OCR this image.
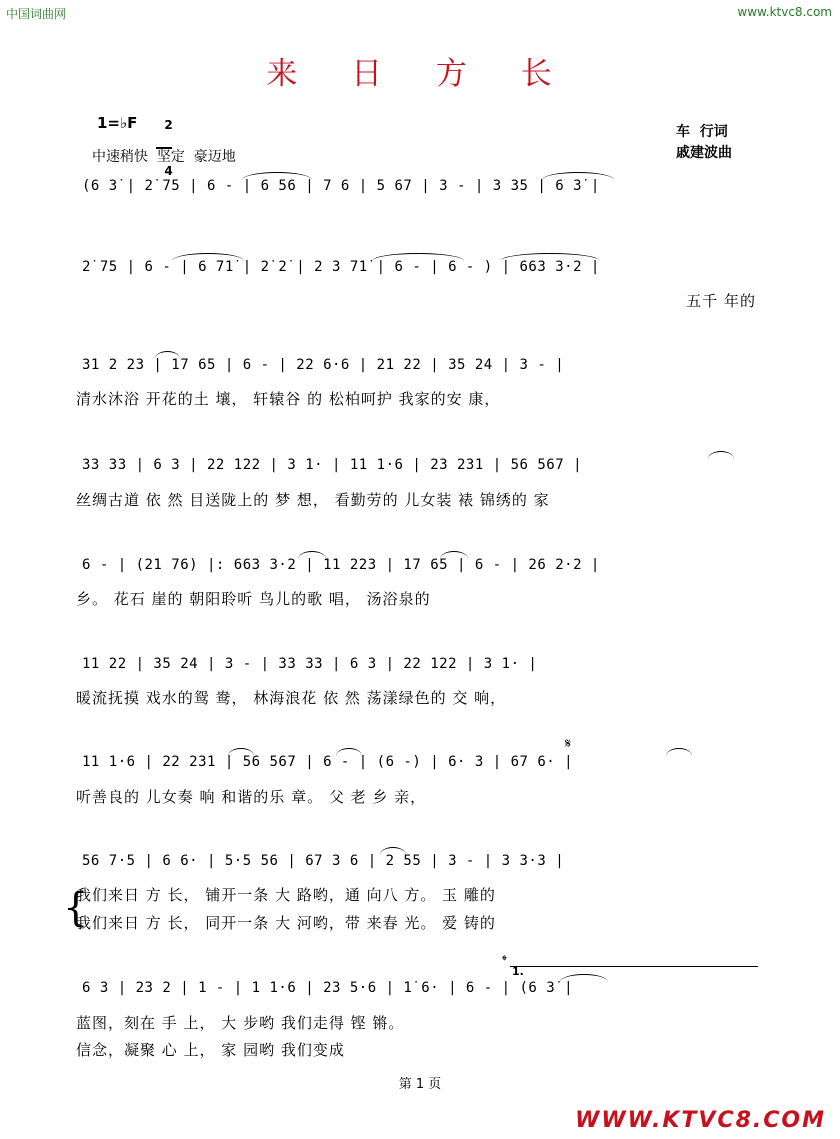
中国词曲网	www.ktvc8.com
来 日 方 长
1=♭F	2

4

中速稍快  坚定  豪迈地
车  行词
戚建波曲
(6 3̇ | 2̇ 75 | 6 - | 6 56 | 7 6 | 5 67 | 3 - | 3 35 | 6 3̇ |
2̇ 75 | 6 - | 6 71̇ | 2̇ 2̇ | 2 3 71̇ | 6 - | 6 - ) | 663 3·2 |
五千 年的
31 2 23 | 17 65 | 6 - | 22 6·6 | 21 22 | 35 24 | 3 - |
清水沐浴 开花的土 壤， 轩辕谷 的 松柏呵护 我家的安 康，
33 33 | 6 3 | 22 122 | 3 1· | 11 1·6 | 23 231 | 56 567 |
丝绸古道 依 然 目送陇上的 梦 想， 看勤劳的 儿女装 裱 锦绣的 家
6 - | (21 76) |: 663 3·2 | 11 223 | 17 65 | 6 - | 26 2·2 |
乡。 花石 崖的 朝阳聆听 鸟儿的歌 唱， 汤浴泉的
11 22 | 35 24 | 3 - | 33 33 | 6 3 | 22 122 | 3 1· |
暖流抚摸 戏水的鸳 鸯， 林海浪花 依 然 荡漾绿色的 交 响，
𝄋
11 1·6 | 22 231 | 56 567 | 6 - | (6 -) | 6· 3 | 67 6· |
听善良的 儿女奏 响 和谐的乐 章。 父 老 乡 亲，
56 7·5 | 6 6· | 5·5 56 | 67 3 6 | 2 55 | 3 - | 3 3·3 |
{
我们来日 方 长， 铺开一条 大 路哟，通 向八 方。 玉 雕的
我们来日 方 长， 同开一条 大 河哟，带 来春 光。 爱 铸的
𝄌
1.
6 3 | 23 2 | 1 - | 1 1·6 | 23 5·6 | 1̇ 6· | 6 - | (6 3̇ |
蓝图，刻在 手 上， 大 步哟 我们走得 铿 锵。
信念，凝聚 心 上， 家 园哟 我们变成
第 1 页
WWW.KTVC8.COM
